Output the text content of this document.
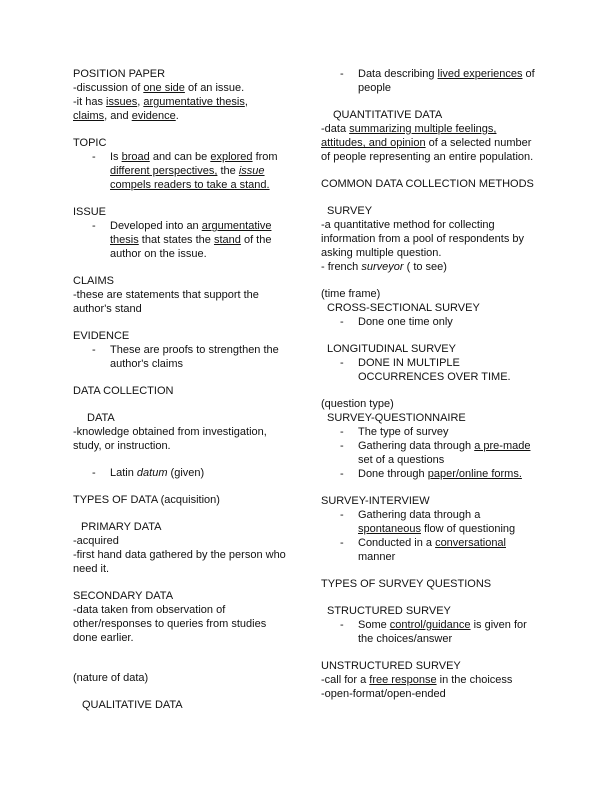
POSITION PAPER

-discussion of one side of an issue.

-it has issues, argumentative thesis,

claims, and evidence.

TOPIC

- Is broad and can be explored from different perspectives, the issue compels readers to take a stand.

ISSUE

- Developed into an argumentative thesis that states the stand of the author on the issue.

CLAIMS

-these are statements that support the author's stand

EVIDENCE

- These are proofs to strengthen the author's claims

DATA COLLECTION

DATA

-knowledge obtained from investigation, study, or instruction.

- Latin datum (given)

TYPES OF DATA (acquisition)

PRIMARY DATA

-acquired

-first hand data gathered by the person who need it.

SECONDARY DATA

-data taken from observation of other/responses to queries from studies done earlier.

(nature of data)

QUALITATIVE DATA

- Data describing lived experiences of people

QUANTITATIVE DATA

-data summarizing multiple feelings, attitudes, and opinion of a selected number of people representing an entire population.

COMMON DATA COLLECTION METHODS

SURVEY

-a quantitative method for collecting information from a pool of respondents by asking multiple question.

- french surveyor ( to see)

(time frame)

CROSS-SECTIONAL SURVEY

- Done one time only

LONGITUDINAL SURVEY

- DONE IN MULTIPLE OCCURRENCES OVER TIME.

(question type)

SURVEY-QUESTIONNAIRE

- The type of survey
- Gathering data through a pre-made set of a questions
- Done through paper/online forms.

SURVEY-INTERVIEW

- Gathering data through a spontaneous flow of questioning
- Conducted in a conversational manner

TYPES OF SURVEY QUESTIONS

STRUCTURED SURVEY

- Some control/guidance is given for the choices/answer

UNSTRUCTURED SURVEY

-call for a free response in the choicess

-open-format/open-ended
